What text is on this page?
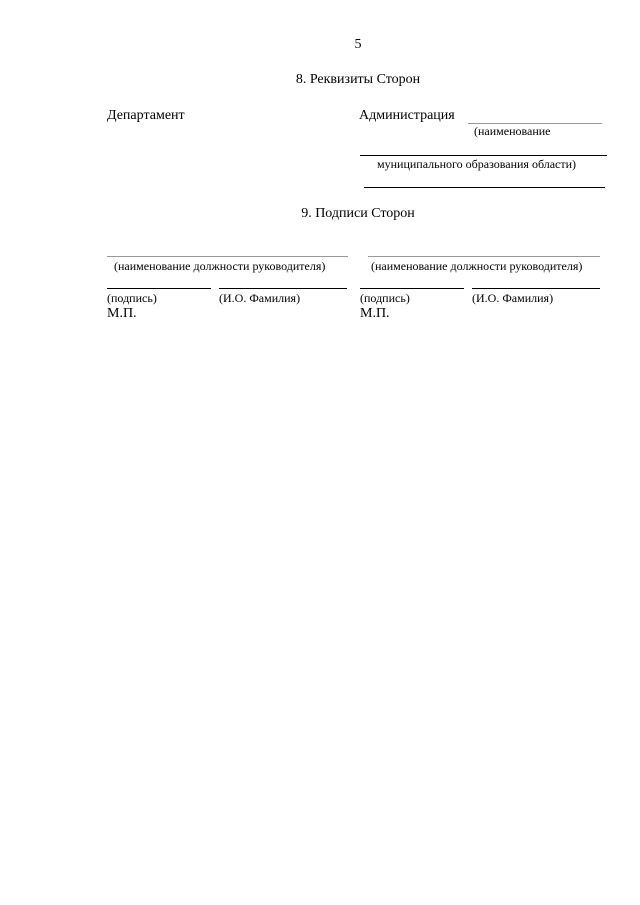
5
8. Реквизиты Сторон
Департамент	Администрация
(наименование
муниципального образования области)
9. Подписи Сторон
(наименование должности руководителя)
(подпись)	(И.О. Фамилия)
М.П.
(наименование должности руководителя)
(подпись)	(И.О. Фамилия)
М.П.
